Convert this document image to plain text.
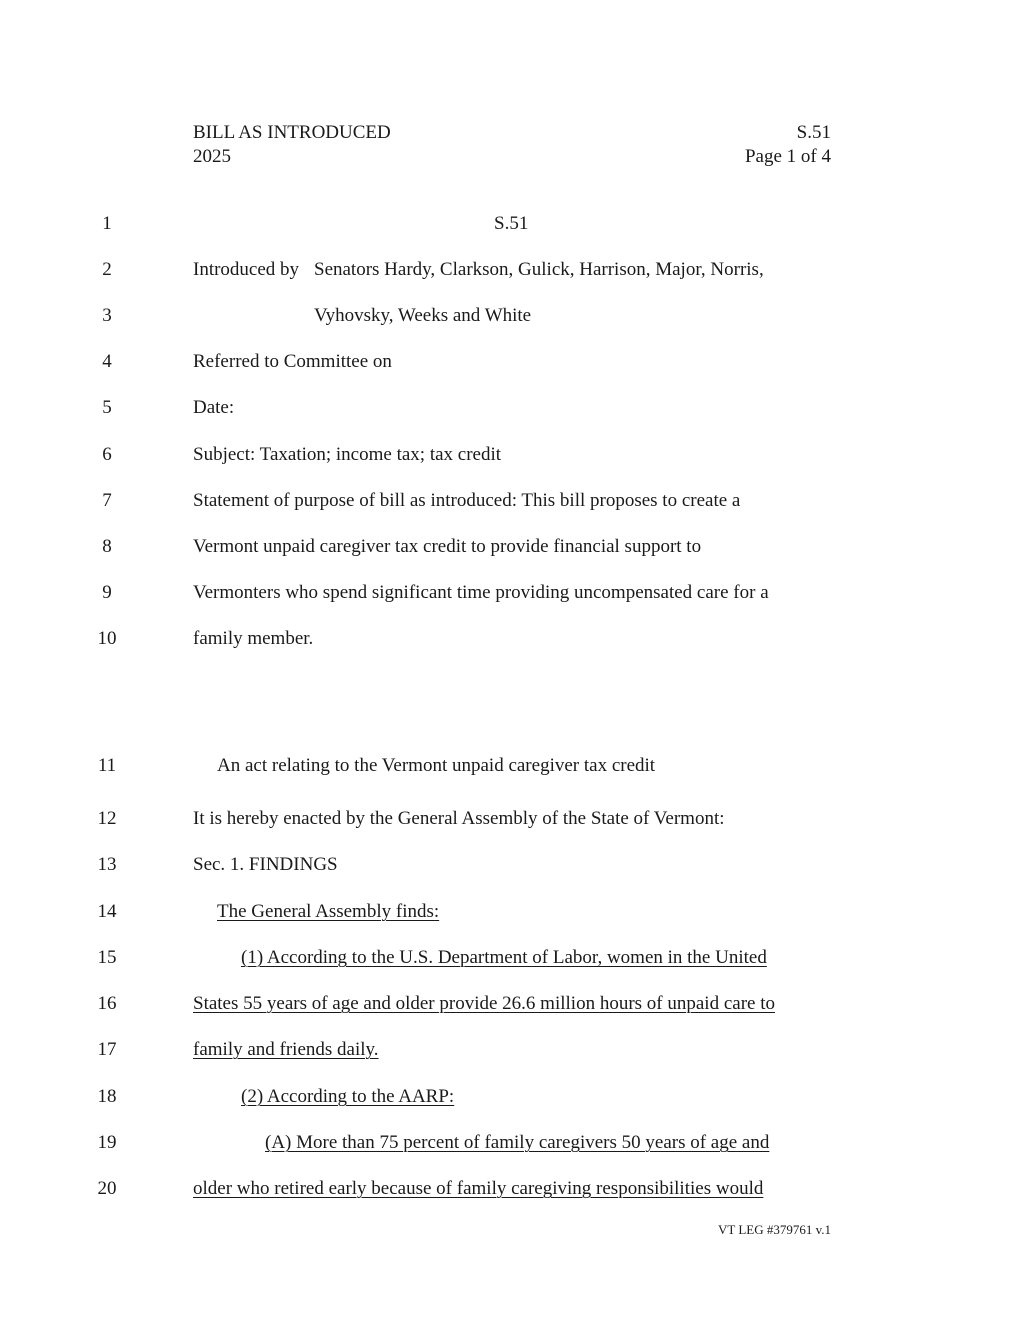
BILL AS INTRODUCED	S.51
2025	Page 1 of 4
1	S.51
2	Introduced by Senators Hardy, Clarkson, Gulick, Harrison, Major, Norris,
3	Vyhovsky, Weeks and White
4	Referred to Committee on
5	Date:
6	Subject: Taxation; income tax; tax credit
7	Statement of purpose of bill as introduced: This bill proposes to create a
8	Vermont unpaid caregiver tax credit to provide financial support to
9	Vermonters who spend significant time providing uncompensated care for a
10	family member.
11	An act relating to the Vermont unpaid caregiver tax credit
12	It is hereby enacted by the General Assembly of the State of Vermont:
13	Sec. 1. FINDINGS
14	The General Assembly finds:
15	(1) According to the U.S. Department of Labor, women in the United
16	States 55 years of age and older provide 26.6 million hours of unpaid care to
17	family and friends daily.
18	(2) According to the AARP:
19	(A) More than 75 percent of family caregivers 50 years of age and
20	older who retired early because of family caregiving responsibilities would
VT LEG #379761 v.1
